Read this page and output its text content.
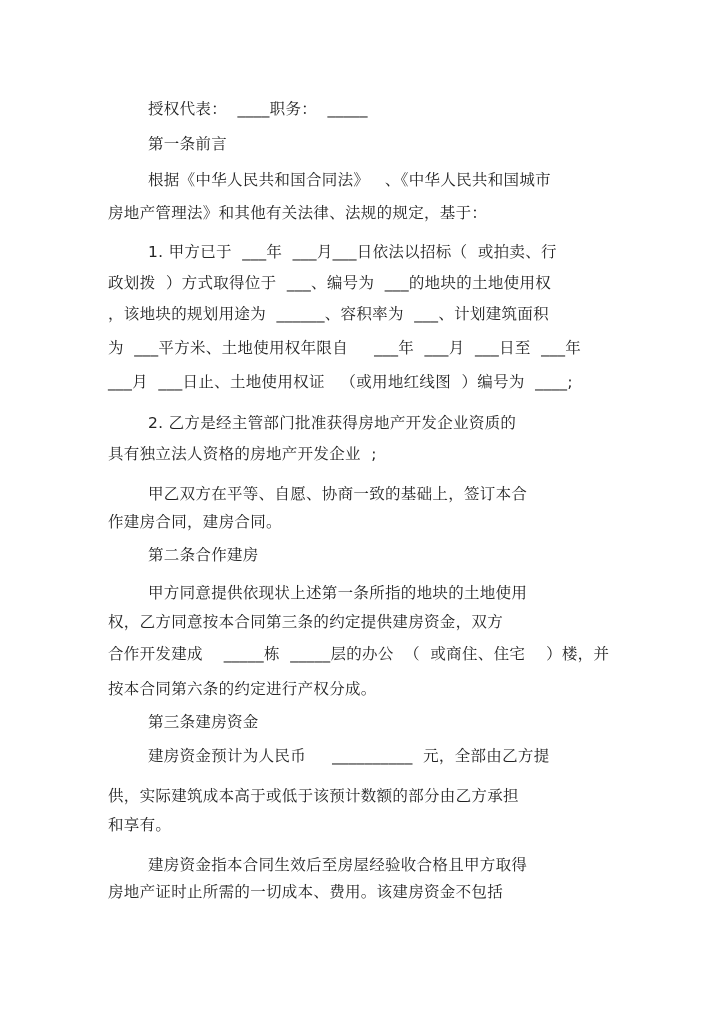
授权代表：  ____职务：  _____
第一条前言
根据《中华人民共和国合同法》   、《中华人民共和国城市
房地产管理法》和其他有关法律、法规的规定，基于：
1. 甲方已于  ___年  ___月___日依法以招标（  或拍卖、行
政划拨  ）方式取得位于  ___、编号为  ___的地块的土地使用权
，该地块的规划用途为  ______、容积率为  ___、计划建筑面积
为  ___平方米、土地使用权年限自     ___年  ___月  ___日至  ___年
___月  ___日止、土地使用权证   （或用地红线图  ）编号为  ____;
2. 乙方是经主管部门批准获得房地产开发企业资质的
具有独立法人资格的房地产开发企业  ;
甲乙双方在平等、自愿、协商一致的基础上，签订本合
作建房合同，建房合同。
第二条合作建房
甲方同意提供依现状上述第一条所指的地块的土地使用
权，乙方同意按本合同第三条的约定提供建房资金，双方
合作开发建成    _____栋  _____层的办公  （  或商住、住宅    ）楼，并
按本合同第六条的约定进行产权分成。
第三条建房资金
建房资金预计为人民币     __________  元，全部由乙方提
供，实际建筑成本高于或低于该预计数额的部分由乙方承担
和享有。
建房资金指本合同生效后至房屋经验收合格且甲方取得
房地产证时止所需的一切成本、费用。该建房资金不包括
